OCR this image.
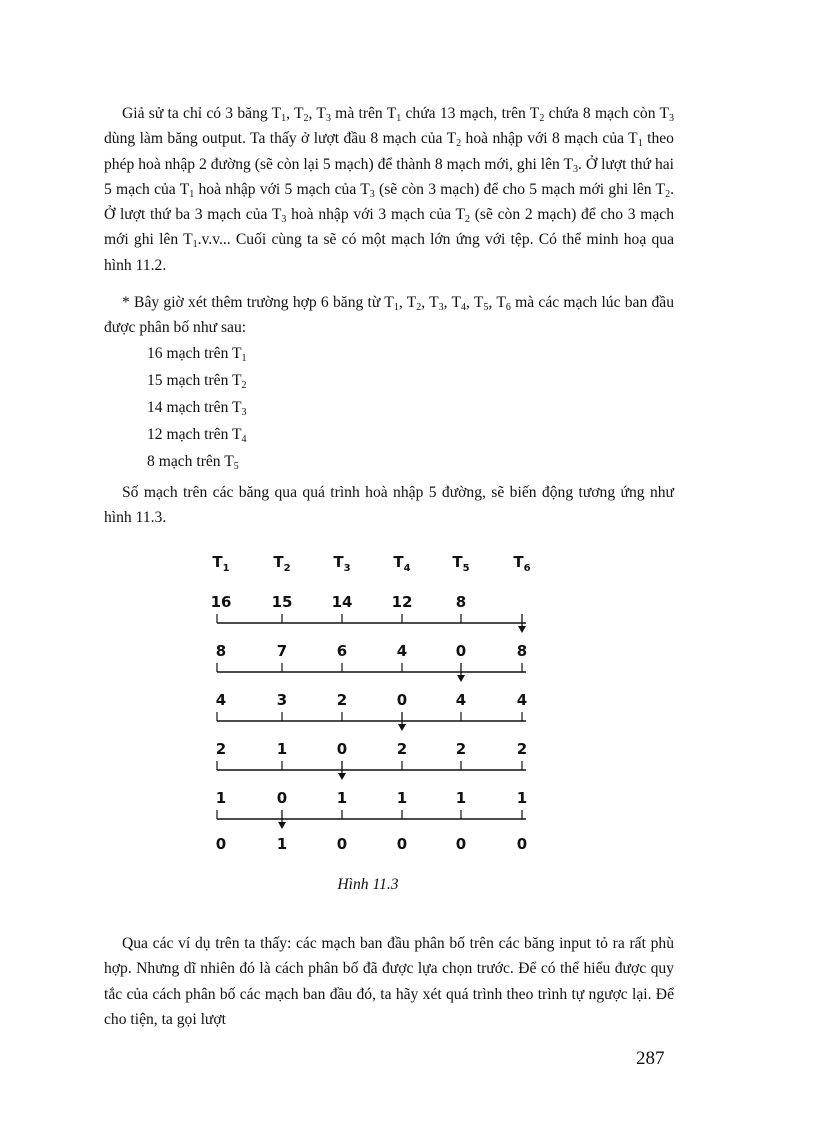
Giả sử ta chỉ có 3 băng $T_1$, $T_2$, $T_3$ mà trên $T_1$ chứa 13 mạch, trên $T_2$ chứa 8 mạch còn $T_3$ dùng làm băng output. Ta thấy ở lượt đầu 8 mạch của $T_2$ hoà nhập với 8 mạch của $T_1$ theo phép hoà nhập 2 đường (sẽ còn lại 5 mạch) để thành 8 mạch mới, ghi lên $T_3$. Ở lượt thứ hai 5 mạch của $T_1$ hoà nhập với 5 mạch của $T_3$ (sẽ còn 3 mạch) để cho 5 mạch mới ghi lên $T_2$. Ở lượt thứ ba 3 mạch của $T_3$ hoà nhập với 3 mạch của $T_2$ (sẽ còn 2 mạch) để cho 3 mạch mới ghi lên $T_1.v.v$... Cuối cùng ta sẽ có một mạch lớn ứng với tệp. Có thể minh hoạ qua hình 11.2.
* Bây giờ xét thêm trường hợp 6 băng từ $T_1$, $T_2$, $T_3$, $T_4$, $T_5$, $T_6$ mà các mạch lúc ban đầu được phân bố như sau:
16 mạch trên $T_1$
15 mạch trên $T_2$
14 mạch trên $T_3$
12 mạch trên $T_4$
8 mạch trên $T_5$
Số mạch trên các băng qua quá trình hoà nhập 5 đường, sẽ biến động tương ứng như hình 11.3.
$T_1$	$T_2$	$T_3$	$T_4$	$T_5$	$T_6$
16	15	14	12	8
8	7	6	4	0	8
4	3	2	0	4	4
2	1	0	2	2	2
1	0	1	1	1	1
0	1	0	0	0	0
Hình 11.3
Qua các ví dụ trên ta thấy: các mạch ban đầu phân bố trên các băng input tỏ ra rất phù hợp. Nhưng dĩ nhiên đó là cách phân bố đã được lựa chọn trước. Để có thể hiểu được quy tắc của cách phân bố các mạch ban đầu đó, ta hãy xét quá trình theo trình tự ngược lại. Để cho tiện, ta gọi lượt
287
